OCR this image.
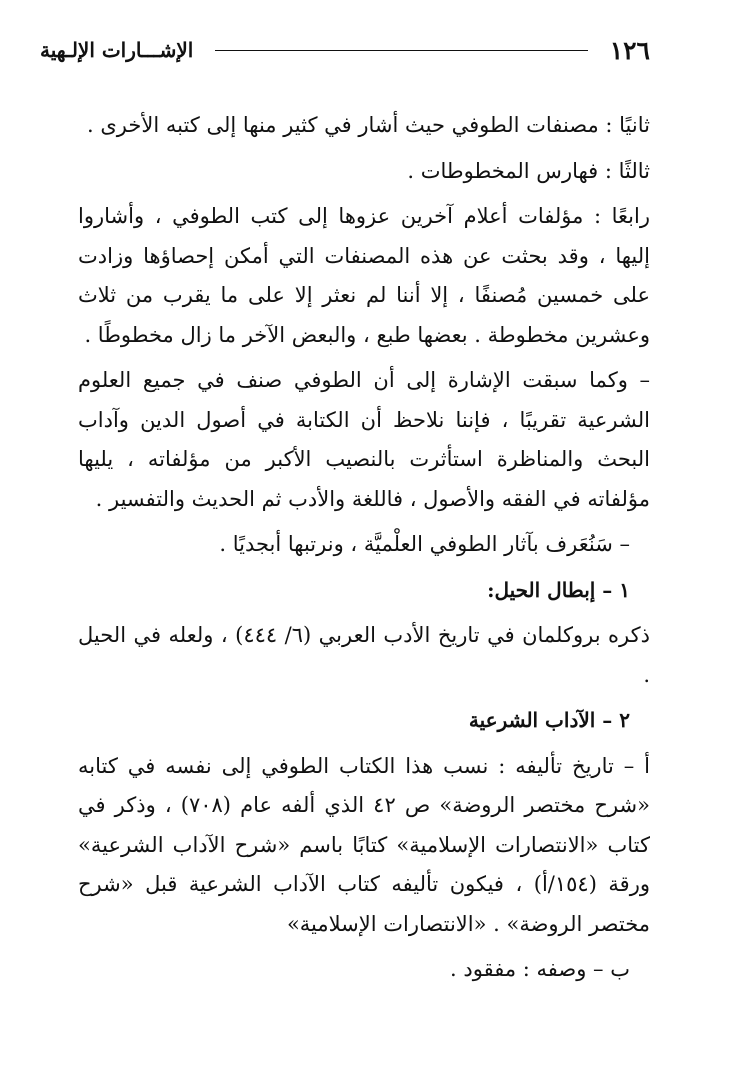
١٢٦
الإشـــارات الإلـهية

ثانيًا : مصنفات الطوفي حيث أشار في كثير منها إلى كتبه الأخرى .

ثالثًا : فهارس المخطوطات .

رابعًا : مؤلفات أعلام آخرين عزوها إلى كتب الطوفي ، وأشاروا إليها ، وقد بحثت عن هذه المصنفات التي أمكن إحصاؤها وزادت على خمسين مُصنفًا ، إلا أننا لم نعثر إلا على ما يقرب من ثلاث وعشرين مخطوطة . بعضها طبع ، والبعض الآخر ما زال مخطوطًا .

– وكما سبقت الإشارة إلى أن الطوفي صنف في جميع العلوم الشرعية تقريبًا ، فإننا نلاحظ أن الكتابة في أصول الدين وآداب البحث والمناظرة استأثرت بالنصيب الأكبر من مؤلفاته ، يليها مؤلفاته في الفقه والأصول ، فاللغة والأدب ثم الحديث والتفسير .

– سَنُعَرف بآثار الطوفي العلْميَّة ، ونرتبها أبجديًا .

١ – إبطال الحيل:

ذكره بروكلمان في تاريخ الأدب العربي (٦/ ٤٤٤) ، ولعله في الحيل .

٢ – الآداب الشرعية

أ – تاريخ تأليفه : نسب هذا الكتاب الطوفي إلى نفسه في كتابه «شرح مختصر الروضة» ص ٤٢ الذي ألفه عام (٧٠٨) ، وذكر في كتاب «الانتصارات الإسلامية» كتابًا باسم «شرح الآداب الشرعية» ورقة (١٥٤/أ) ، فيكون تأليفه كتاب الآداب الشرعية قبل «شرح مختصر الروضة» . «الانتصارات الإسلامية»

ب – وصفه : مفقود .
